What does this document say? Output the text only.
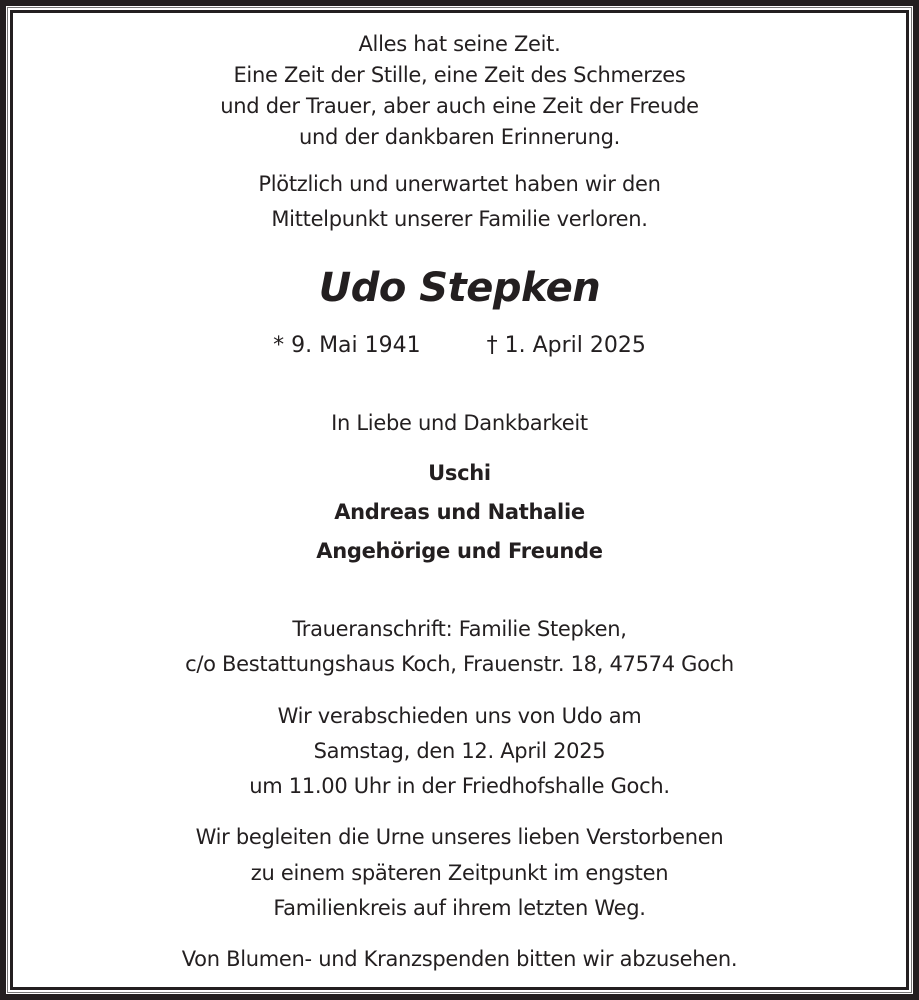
Alles hat seine Zeit.
Eine Zeit der Stille, eine Zeit des Schmerzes
und der Trauer, aber auch eine Zeit der Freude
und der dankbaren Erinnerung.
Plötzlich und unerwartet haben wir den
Mittelpunkt unserer Familie verloren.
Udo Stepken
* 9. Mai 1941	† 1. April 2025
In Liebe und Dankbarkeit
Uschi
Andreas und Nathalie
Angehörige und Freunde
Traueranschrift: Familie Stepken,
c/o Bestattungshaus Koch, Frauenstr. 18, 47574 Goch
Wir verabschieden uns von Udo am
Samstag, den 12. April 2025
um 11.00 Uhr in der Friedhofshalle Goch.
Wir begleiten die Urne unseres lieben Verstorbenen
zu einem späteren Zeitpunkt im engsten
Familienkreis auf ihrem letzten Weg.
Von Blumen- und Kranzspenden bitten wir abzusehen.
